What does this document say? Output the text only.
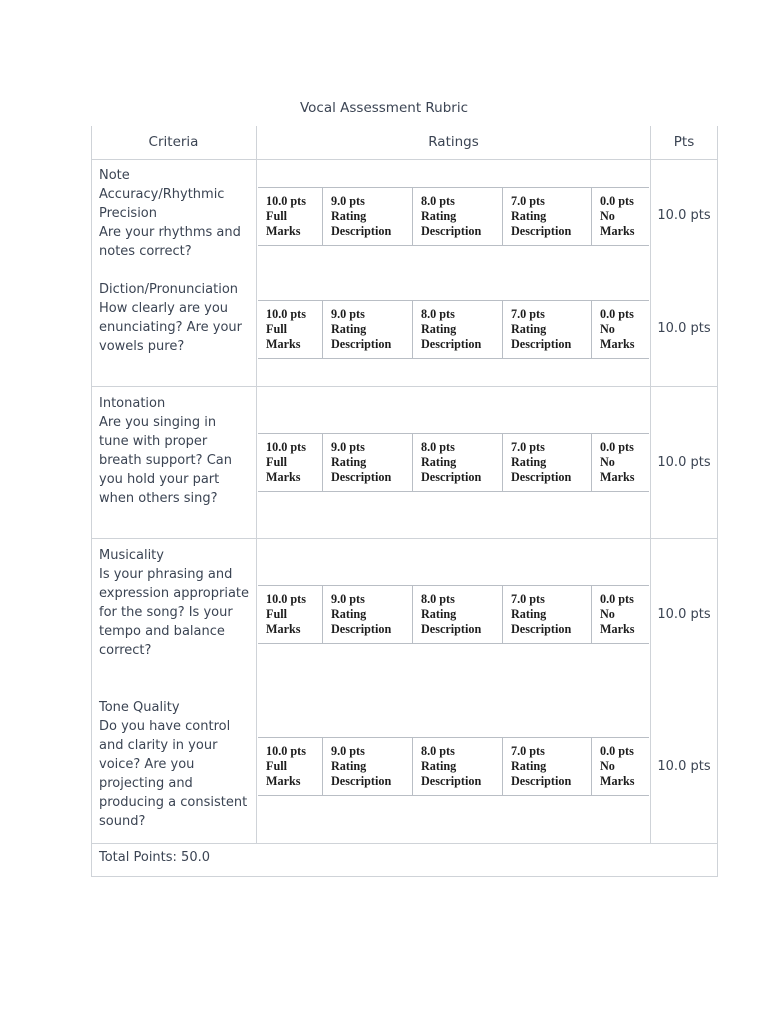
Vocal Assessment Rubric
Criteria	Ratings	Pts
Note
Accuracy/Rhythmic
Precision
Are your rhythms and notes correct?
10.0 pts
Full
Marks
9.0 pts
Rating
Description
8.0 pts
Rating
Description
7.0 pts
Rating
Description
0.0 pts
No
Marks
10.0 pts
Diction/Pronunciation
How clearly are you enunciating? Are your vowels pure?
10.0 pts
Full
Marks
9.0 pts
Rating
Description
8.0 pts
Rating
Description
7.0 pts
Rating
Description
0.0 pts
No
Marks
10.0 pts
Intonation
Are you singing in tune with proper breath support? Can you hold your part when others sing?
10.0 pts
Full
Marks
9.0 pts
Rating
Description
8.0 pts
Rating
Description
7.0 pts
Rating
Description
0.0 pts
No
Marks
10.0 pts
Musicality
Is your phrasing and expression appropriate for the song? Is your tempo and balance correct?
10.0 pts
Full
Marks
9.0 pts
Rating
Description
8.0 pts
Rating
Description
7.0 pts
Rating
Description
0.0 pts
No
Marks
10.0 pts
Tone Quality
Do you have control and clarity in your voice? Are you projecting and producing a consistent sound?
10.0 pts
Full
Marks
9.0 pts
Rating
Description
8.0 pts
Rating
Description
7.0 pts
Rating
Description
0.0 pts
No
Marks
10.0 pts
Total Points: 50.0
